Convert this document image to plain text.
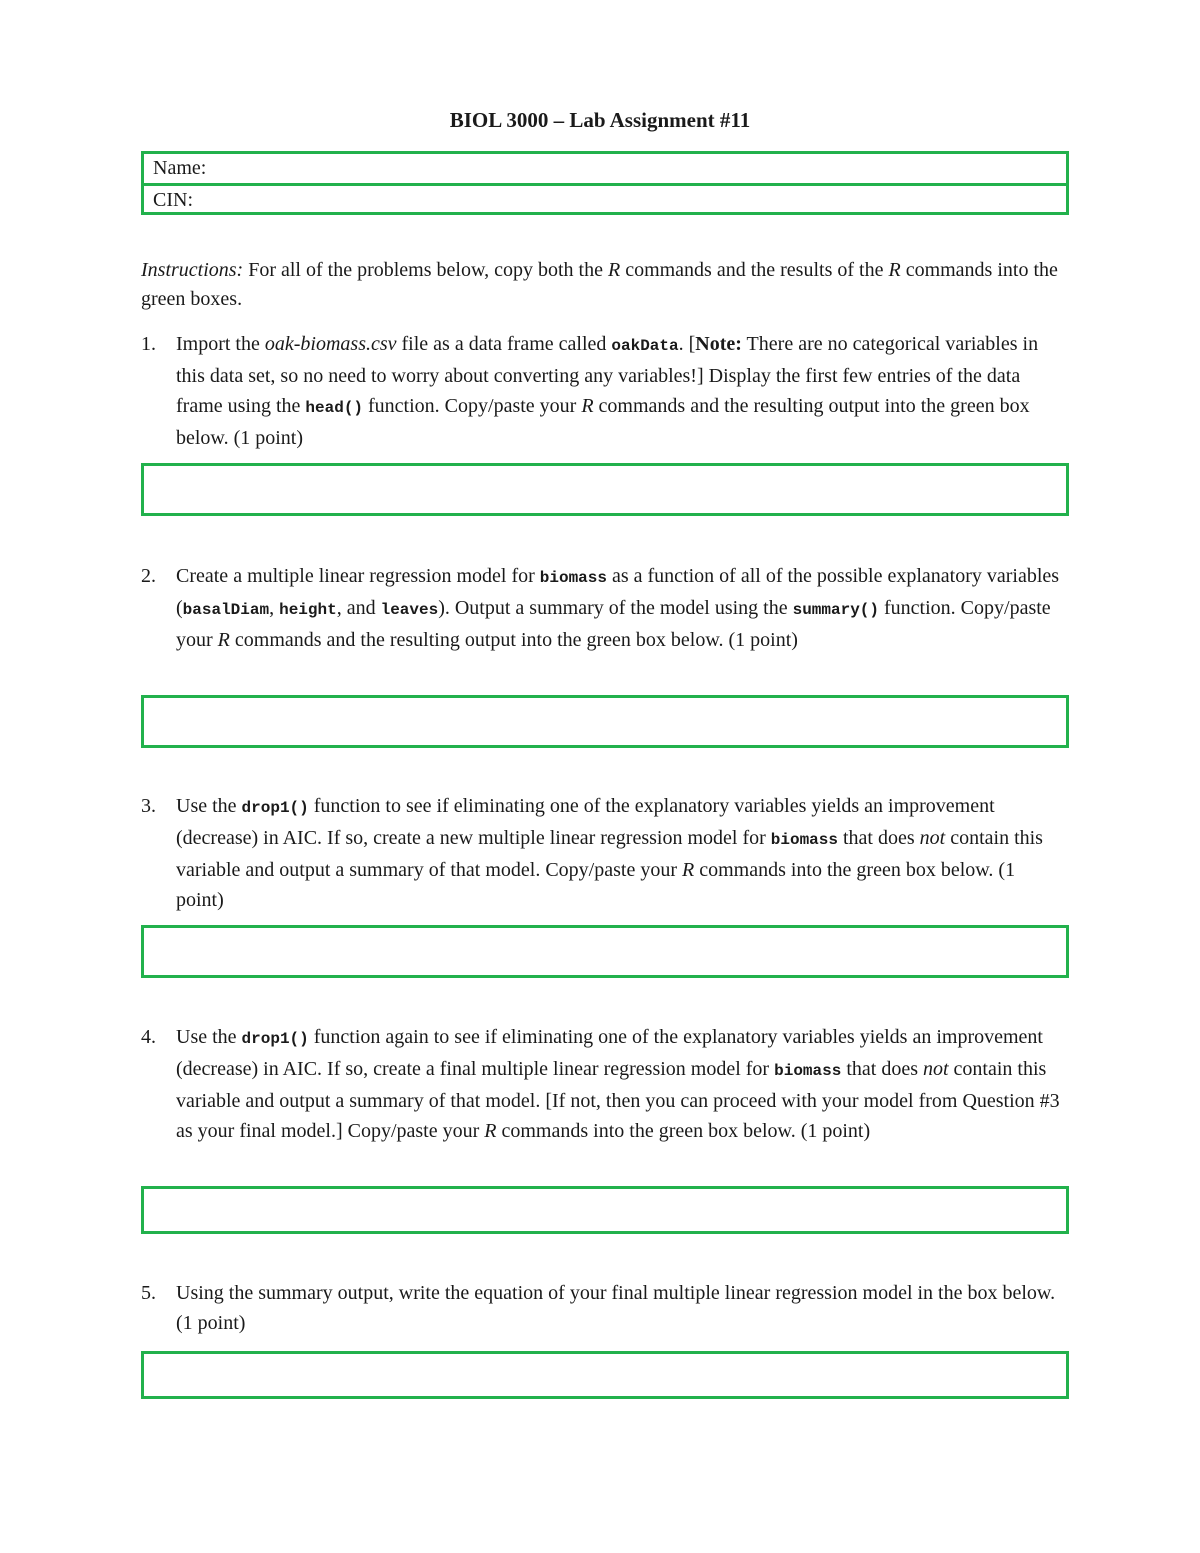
BIOL 3000 – Lab Assignment #11
Name:
CIN:

Instructions: For all of the problems below, copy both the R commands and the results of the R commands into the green boxes.

1.	Import the oak-biomass.csv file as a data frame called oakData. [Note: There are no categorical variables in this data set, so no need to worry about converting any variables!] Display the first few entries of the data frame using the head() function. Copy/paste your R commands and the resulting output into the green box below. (1 point)
2.	Create a multiple linear regression model for biomass as a function of all of the possible explanatory variables (basalDiam, height, and leaves). Output a summary of the model using the summary() function. Copy/paste your R commands and the resulting output into the green box below. (1 point)
3.	Use the drop1() function to see if eliminating one of the explanatory variables yields an improvement (decrease) in AIC. If so, create a new multiple linear regression model for biomass that does not contain this variable and output a summary of that model. Copy/paste your R commands into the green box below. (1 point)
4.	Use the drop1() function again to see if eliminating one of the explanatory variables yields an improvement (decrease) in AIC. If so, create a final multiple linear regression model for biomass that does not contain this variable and output a summary of that model. [If not, then you can proceed with your model from Question #3 as your final model.] Copy/paste your R commands into the green box below. (1 point)
5.	Using the summary output, write the equation of your final multiple linear regression model in the box below. (1 point)
